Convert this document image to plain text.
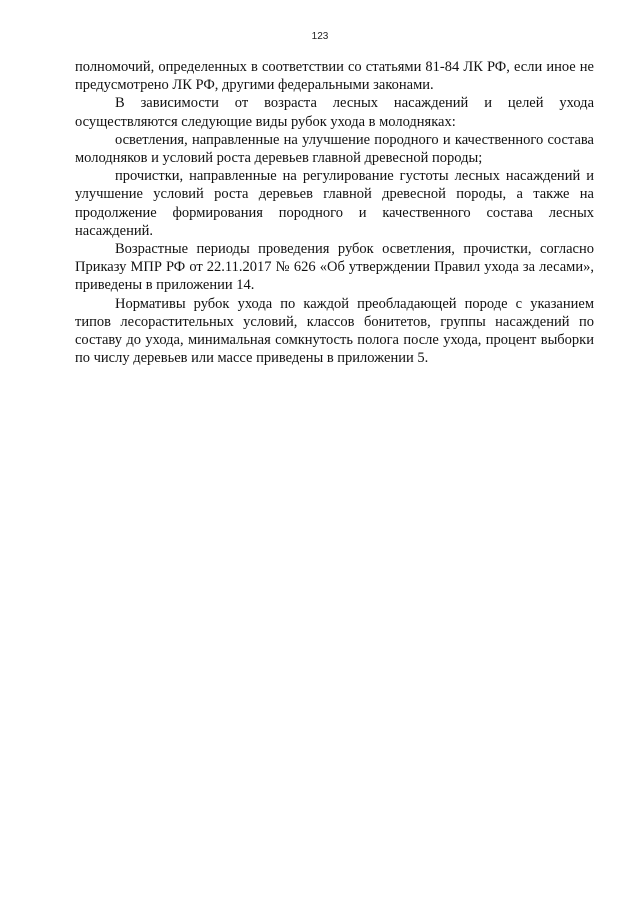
123

полномочий, определенных в соответствии со статьями 81-84 ЛК РФ, если иное не предусмотрено ЛК РФ, другими федеральными законами.

В зависимости от возраста лесных насаждений и целей ухода осуществляются следующие виды рубок ухода в молодняках:

осветления, направленные на улучшение породного и качественного состава молодняков и условий роста деревьев главной древесной породы;

прочистки, направленные на регулирование густоты лесных насаждений и улучшение условий роста деревьев главной древесной породы, а также на продолжение формирования породного и качественного состава лесных насаждений.

Возрастные периоды проведения рубок осветления, прочистки, согласно Приказу МПР РФ от 22.11.2017 № 626 «Об утверждении Правил ухода за лесами», приведены в приложении 14.

Нормативы рубок ухода по каждой преобладающей породе с указанием типов лесорастительных условий, классов бонитетов, группы насаждений по составу до ухода, минимальная сомкнутость полога после ухода, процент выборки по числу деревьев или массе приведены в приложении 5.
